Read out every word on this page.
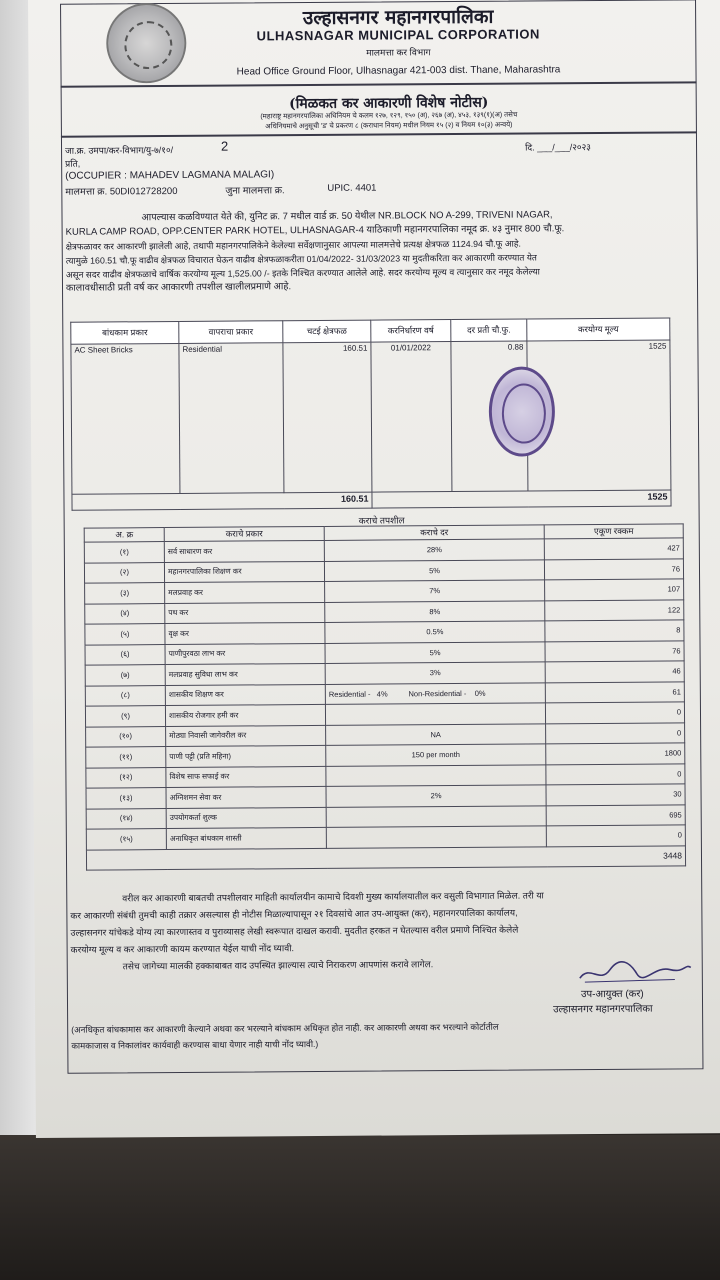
उल्हासनगर महानगरपालिका
ULHASNAGAR MUNICIPAL CORPORATION
मालमत्ता कर विभाग
Head Office Ground Floor, Ulhasnagar 421-003 dist. Thane, Maharashtra
(मिळकत कर आकारणी विशेष नोटीस)
(महाराष्ट्र महानगरपालिका अधिनियम चे कलम १२७, १२९, १५० (अ), २६७ (अ), ४५३, १३९(१)(अ) तसेच
अधिनियमाचे अनुसूची 'ड' चे प्रकरण ८ (कराधान नियम) मधील नियम १५ (२) व नियम १०(३) अन्वये)
जा.क्र. उमपा/कर-विभाग/यु-७/१०/	2	दि. ___/___/२०२३
प्रति,
(OCCUPIER : MAHADEV LAGMANA MALAGI)
मालमत्ता क्र. 50DI012728200	जुना मालमत्ता क्र.	UPIC. 4401
आपल्यास कळविण्यात येते की, युनिट क्र. 7 मधील वार्ड क्र. 50 येथील NR.BLOCK NO A-299, TRIVENI NAGAR,
KURLA CAMP ROAD, OPP.CENTER PARK HOTEL, ULHASNAGAR-4 याठिकाणी महानगरपालिका नमूद क्र. ४३ नुमार 800 चौ.फू.
क्षेत्रफळावर कर आकारणी झालेली आहे, तथापी महानगरपालिकेने केलेल्या सर्वेक्षणानुसार आपल्या मालमत्तेचे प्रत्यक्ष क्षेत्रफळ 1124.94 चौ.फू आहे.
त्यामुळे 160.51 चौ.फू वाढीव क्षेत्रफळ विचारात घेऊन वाढीव क्षेत्रफळाकरीता 01/04/2022- 31/03/2023 या मुदतीकरिता कर आकारणी करण्यात येत
असून सदर वाढीव क्षेत्रफळाचे वार्षिक करयोग्य मूल्य 1,525.00 /- इतके निश्चित करण्यात आलेले आहे. सदर करयोग्य मूल्य व त्यानुसार कर नमूद केलेल्या
कालावधीसाठी प्रती वर्ष कर आकारणी तपशील खालीलप्रमाणे आहे.
बांधकाम प्रकार	वापराचा प्रकार	चटई क्षेत्रफळ	करनिर्धारण वर्ष	दर प्रती चौ.फु.	करयोग्य मूल्य
AC Sheet Bricks	Residential	160.51	01/01/2022	0.88	1525
160.51			1525		
कराचे तपशील
अ. क्र	कराचे प्रकार	कराचे दर	एकूण रक्कम
(१)	सर्व साधारण कर	28%	427
(२)	महानगरपालिका शिक्षण कर	5%	76
(३)	मलप्रवाह कर	7%	107
(४)	पथ कर	8%	122
(५)	वृक्ष कर	0.5%	8
(६)	पाणीपुरवठा लाभ कर	5%	76
(७)	मलप्रवाह सुविधा लाभ कर	3%	46
(८)	शासकीय शिक्षण कर	Residential -   4%          Non-Residential -    0%	61
(९)	शासकीय रोजगार हमी कर		0
(१०)	मोठ्या निवासी जागेवरील कर	NA	0
(११)	पाणी पट्टी (प्रति महिना)	150 per month	1800
(१२)	विशेष साफ सफाई कर		0
(१३)	अग्निशमन सेवा कर	2%	30
(१४)	उपयोगकर्ता शुल्क		695
(१५)	अनाधिकृत बांधकाम शास्ती		0
3448			
वरील कर आकारणी बाबतची तपशीलवार माहिती कार्यालयीन कामाचे दिवशी मुख्य कार्यालयातील कर वसुली विभागात मिळेल. तरी या
कर आकारणी संबंधी तुमची काही तक्रार असल्यास ही नोटीस मिळाल्यापासून २१ दिवसांचे आत उप-आयुक्त (कर), महानगरपालिका कार्यालय,
उल्हासनगर यांचेकडे योग्य त्या कारणास्तव व पुराव्यासह लेखी स्वरूपात दाखल करावी. मुदतीत हरकत न घेतल्यास वरील प्रमाणे निश्चित केलेले
करयोग्य मूल्य व कर आकारणी कायम करण्यात येईल याची नोंद घ्यावी.
तसेच जागेच्या मालकी हक्काबाबत वाद उपस्थित झाल्यास त्याचे निराकरण आपणांस करावे लागेल.
उप-आयुक्त (कर)
उल्हासनगर महानगरपालिका
(अनधिकृत बांधकामास कर आकारणी केल्याने अथवा कर भरल्याने बांधकाम अधिकृत होत नाही. कर आकारणी अथवा कर भरल्याने कोर्टातील
कामकाजास व निकालांवर कार्यवाही करण्यास बाधा येणार नाही याची नोंद घ्यावी.)
